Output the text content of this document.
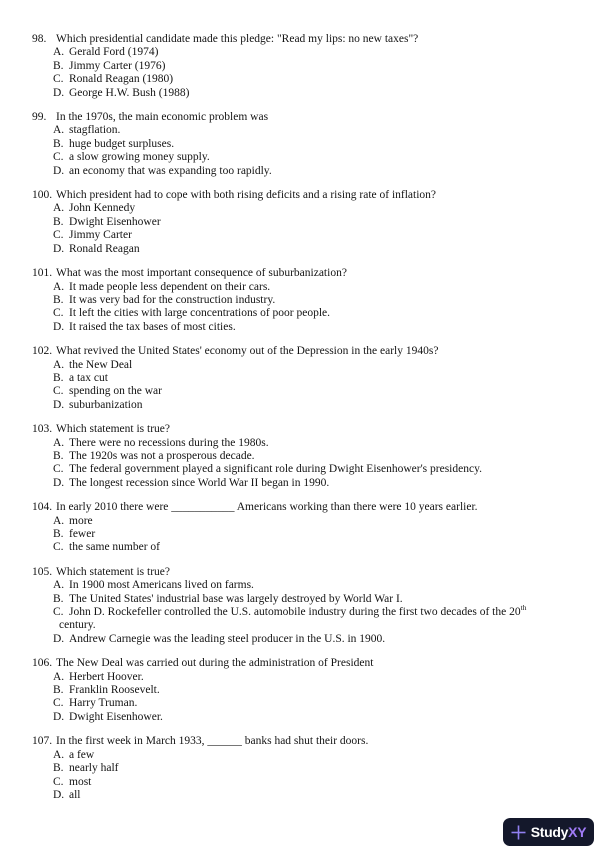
98. Which presidential candidate made this pledge: "Read my lips: no new taxes"?
A. Gerald Ford (1974)
B. Jimmy Carter (1976)
C. Ronald Reagan (1980)
D. George H.W. Bush (1988)
99. In the 1970s, the main economic problem was
A. stagflation.
B. huge budget surpluses.
C. a slow growing money supply.
D. an economy that was expanding too rapidly.
100. Which president had to cope with both rising deficits and a rising rate of inflation?
A. John Kennedy
B. Dwight Eisenhower
C. Jimmy Carter
D. Ronald Reagan
101. What was the most important consequence of suburbanization?
A. It made people less dependent on their cars.
B. It was very bad for the construction industry.
C. It left the cities with large concentrations of poor people.
D. It raised the tax bases of most cities.
102. What revived the United States' economy out of the Depression in the early 1940s?
A. the New Deal
B. a tax cut
C. spending on the war
D. suburbanization
103. Which statement is true?
A. There were no recessions during the 1980s.
B. The 1920s was not a prosperous decade.
C. The federal government played a significant role during Dwight Eisenhower's presidency.
D. The longest recession since World War II began in 1990.
104. In early 2010 there were ___________ Americans working than there were 10 years earlier.
A. more
B. fewer
C. the same number of
105. Which statement is true?
A. In 1900 most Americans lived on farms.
B. The United States' industrial base was largely destroyed by World War I.
C. John D. Rockefeller controlled the U.S. automobile industry during the first two decades of the 20th
century.
D. Andrew Carnegie was the leading steel producer in the U.S. in 1900.
106. The New Deal was carried out during the administration of President
A. Herbert Hoover.
B. Franklin Roosevelt.
C. Harry Truman.
D. Dwight Eisenhower.
107. In the first week in March 1933, ______ banks had shut their doors.
A. a few
B. nearly half
C. most
D. all
StudyXY
